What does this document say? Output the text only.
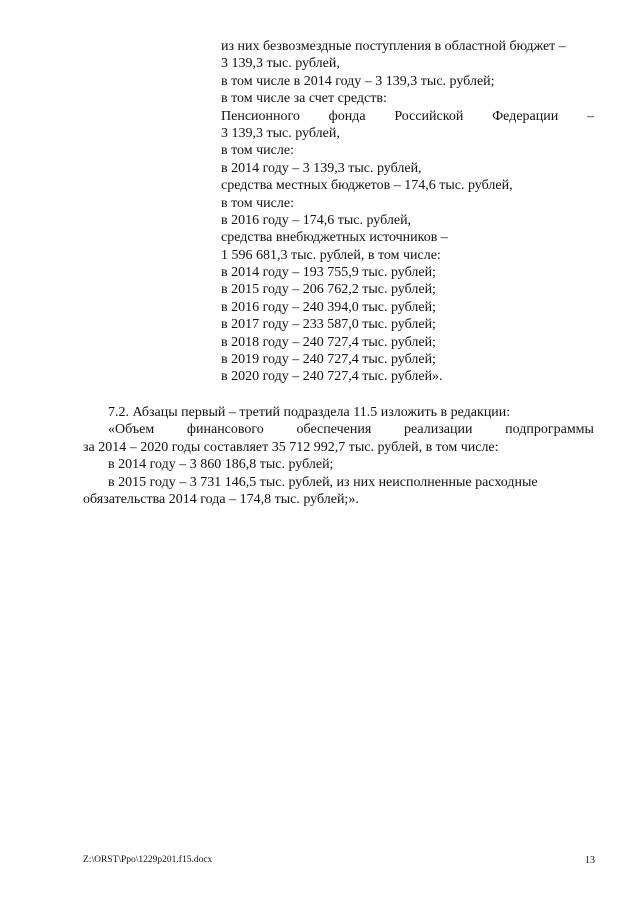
из них безвозмездные поступления в областной бюджет –
3 139,3 тыс. рублей,
в том числе в 2014 году – 3 139,3 тыс. рублей;
в том числе за счет средств:
Пенсионного фонда Российской Федерации –
3 139,3 тыс. рублей,
в том числе:
в 2014 году – 3 139,3 тыс. рублей,
средства местных бюджетов – 174,6 тыс. рублей,
в том числе:
в 2016 году – 174,6 тыс. рублей,
средства внебюджетных источников –
1 596 681,3 тыс. рублей, в том числе:
в 2014 году – 193 755,9 тыс. рублей;
в 2015 году – 206 762,2 тыс. рублей;
в 2016 году – 240 394,0 тыс. рублей;
в 2017 году – 233 587,0 тыс. рублей;
в 2018 году – 240 727,4 тыс. рублей;
в 2019 году – 240 727,4 тыс. рублей;
в 2020 году – 240 727,4 тыс. рублей».
7.2. Абзацы первый – третий подраздела 11.5 изложить в редакции:
«Объем финансового обеспечения реализации подпрограммы
за 2014 – 2020 годы составляет 35 712 992,7 тыс. рублей, в том числе:
в 2014 году – 3 860 186,8 тыс. рублей;
в 2015 году – 3 731 146,5 тыс. рублей, из них неисполненные расходные
обязательства 2014 года – 174,8 тыс. рублей;».
Z:\ORST\Ppo\1229p201.f15.docx	13
